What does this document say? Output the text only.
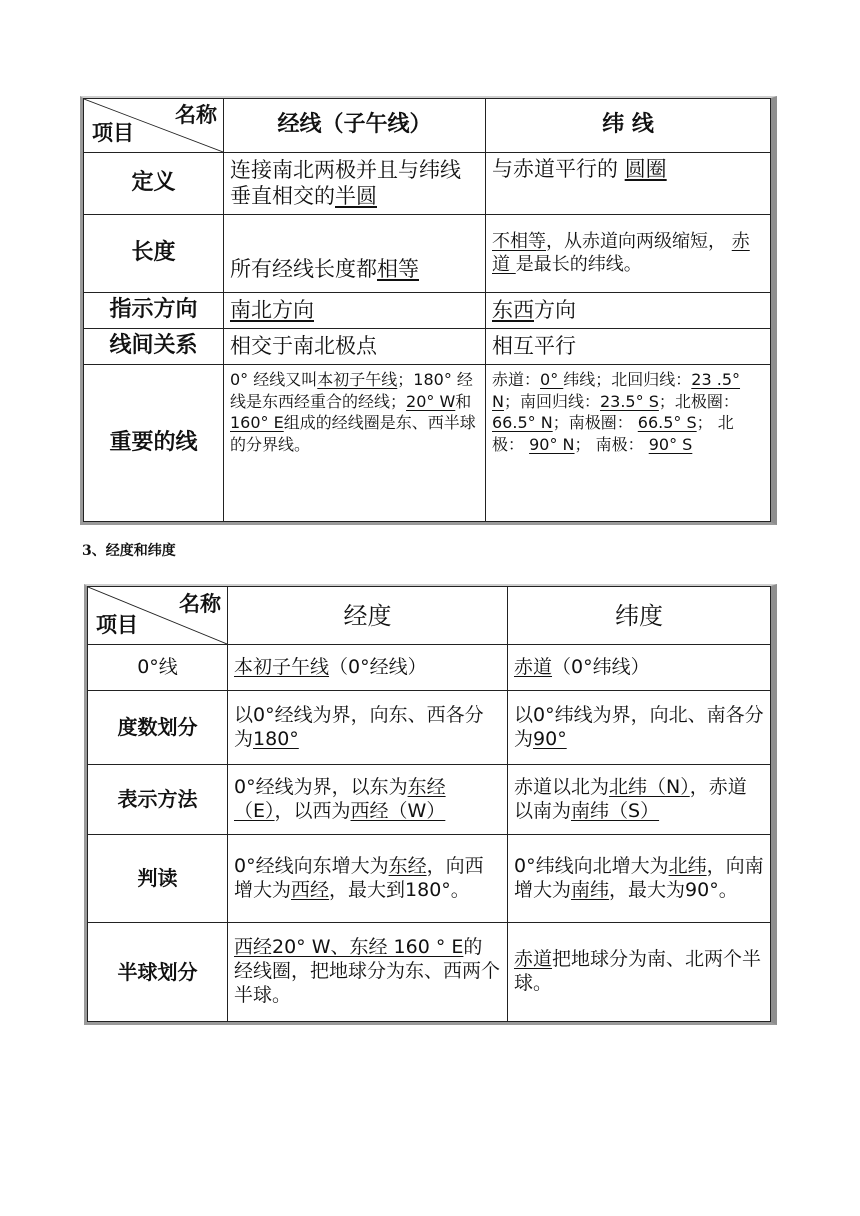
名称
项目	经线（子午线）	纬 线
定义	连接南北两极并且与纬线垂直相交的半圆	与赤道平行的 圆圈
长度	所有经线长度都相等	不相等，从赤道向两级缩短， 赤 道 是最长的纬线。
指示方向	南北方向	东西方向
线间关系	相交于南北极点	相互平行
重要的线	0° 经线又叫本初子午线；180° 经线是东西经重合的经线；20° W和160° E组成的经线圈是东、西半球的分界线。	赤道：0° 纬线；北回归线：23 .5° N；南回归线：23.5° S；北极圈： 66.5° N；南极圈： 66.5° S； 北极： 90° N； 南极： 90° S
3、经度和纬度
名称
项目	经度	纬度
0°线	本初子午线（0°经线）	赤道（0°纬线）
度数划分	以0°经线为界，向东、西各分为180°	以0°纬线为界，向北、南各分为90°
表示方法	0°经线为界，以东为东经（E），以西为西经（W）	赤道以北为北纬（N），赤道以南为南纬（S）
判读	0°经线向东增大为东经，向西增大为西经，最大到180°。	0°纬线向北增大为北纬，向南增大为南纬，最大为90°。
半球划分	西经20° W、东经 160 ° E的经线圈，把地球分为东、西两个半球。	赤道把地球分为南、北两个半球。
